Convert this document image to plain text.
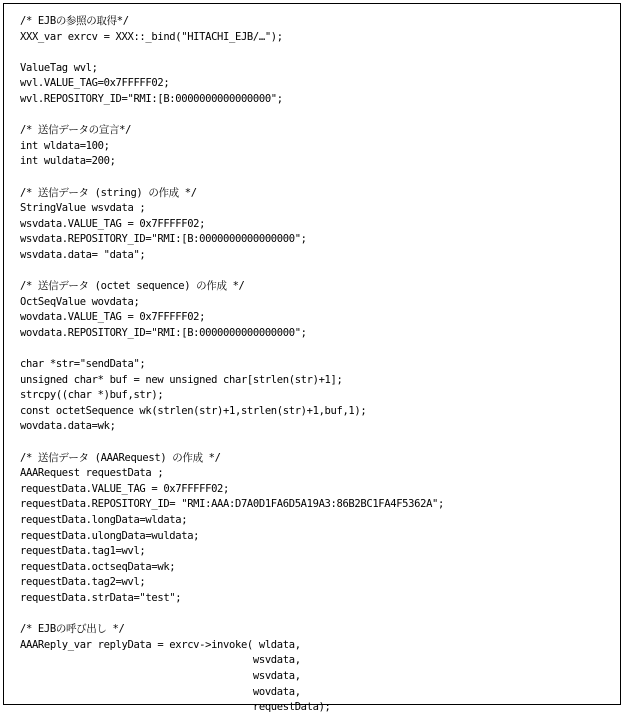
/* EJBの参照の取得*/
XXX_var exrcv = XXX::_bind("HITACHI_EJB/…");
ValueTag wvl;
wvl.VALUE_TAG=0x7FFFFF02;
wvl.REPOSITORY_ID="RMI:[B:0000000000000000";
/* 送信データの宣言*/
int wldata=100;
int wuldata=200;
/* 送信データ (string) の作成 */
StringValue wsvdata ;
wsvdata.VALUE_TAG = 0x7FFFFF02;
wsvdata.REPOSITORY_ID="RMI:[B:0000000000000000";
wsvdata.data= "data";
/* 送信データ (octet sequence) の作成 */
OctSeqValue wovdata;
wovdata.VALUE_TAG = 0x7FFFFF02;
wovdata.REPOSITORY_ID="RMI:[B:0000000000000000";
char *str="sendData";
unsigned char* buf = new unsigned char[strlen(str)+1];
strcpy((char *)buf,str);
const octetSequence wk(strlen(str)+1,strlen(str)+1,buf,1);
wovdata.data=wk;
/* 送信データ (AAARequest) の作成 */
AAARequest requestData ;
requestData.VALUE_TAG = 0x7FFFFF02;
requestData.REPOSITORY_ID= "RMI:AAA:D7A0D1FA6D5A19A3:86B2BC1FA4F5362A";
requestData.longData=wldata;
requestData.ulongData=wuldata;
requestData.tag1=wvl;
requestData.octseqData=wk;
requestData.tag2=wvl;
requestData.strData="test";
/* EJBの呼び出し */
AAAReply_var replyData = exrcv->invoke( wldata,
wsvdata,
wsvdata,
wovdata,
requestData);
